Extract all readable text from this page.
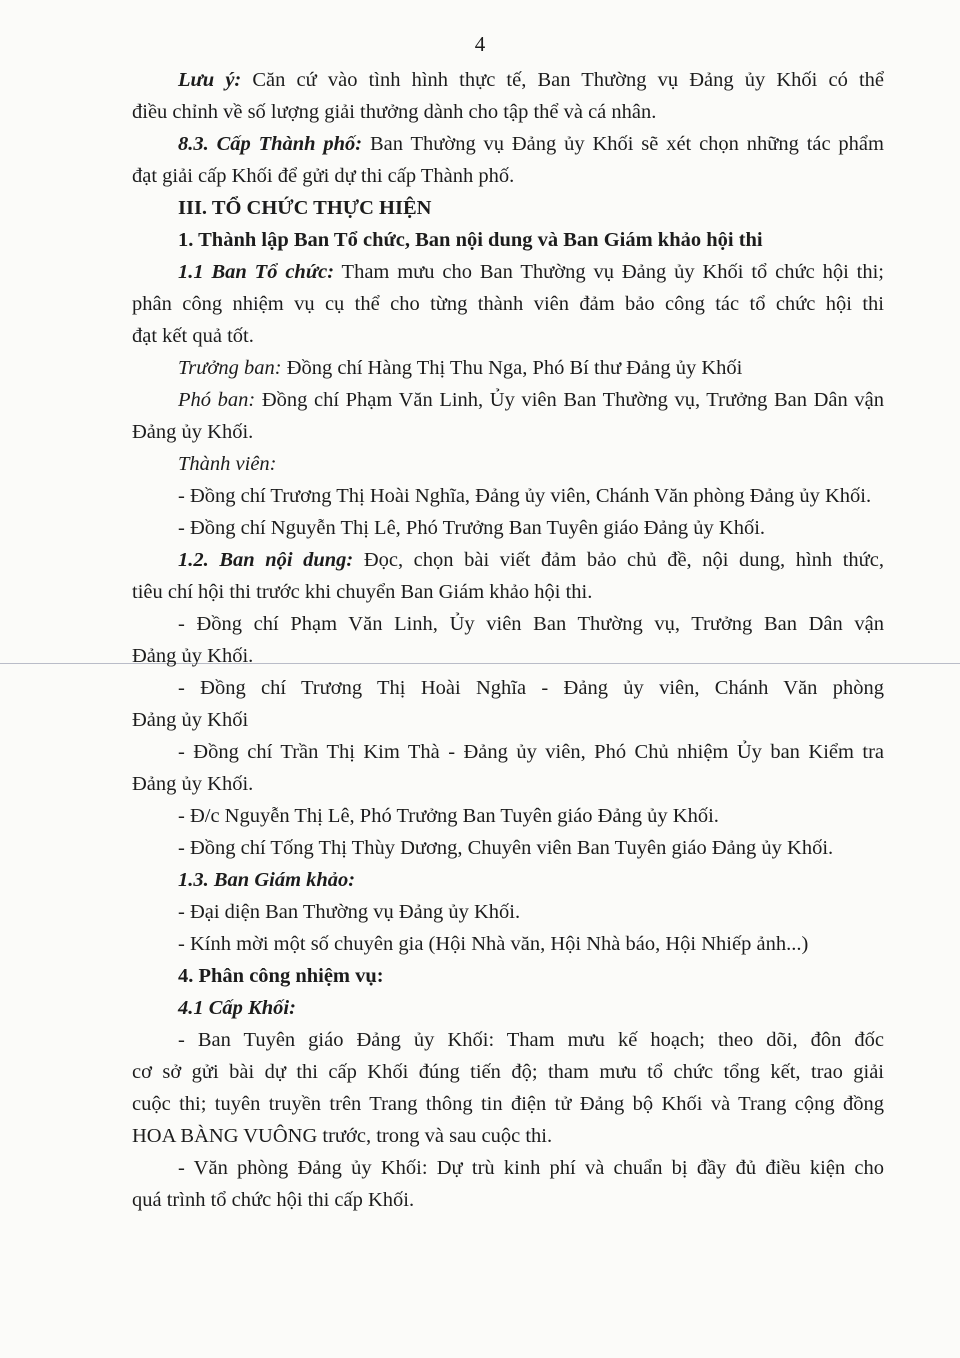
4
Lưu ý: Căn cứ vào tình hình thực tế, Ban Thường vụ Đảng ủy Khối có thể
điều chỉnh về số lượng giải thưởng dành cho tập thể và cá nhân.
8.3. Cấp Thành phố: Ban Thường vụ Đảng ủy Khối sẽ xét chọn những tác phẩm
đạt giải cấp Khối để gửi dự thi cấp Thành phố.
III. TỔ CHỨC THỰC HIỆN
1. Thành lập Ban Tổ chức, Ban nội dung và Ban Giám khảo hội thi
1.1 Ban Tổ chức: Tham mưu cho Ban Thường vụ Đảng ủy Khối tổ chức hội thi;
phân công nhiệm vụ cụ thể cho từng thành viên đảm bảo công tác tổ chức hội thi
đạt kết quả tốt.
Trưởng ban: Đồng chí Hàng Thị Thu Nga, Phó Bí thư Đảng ủy Khối
Phó ban: Đồng chí Phạm Văn Linh, Ủy viên Ban Thường vụ, Trưởng Ban Dân vận
Đảng ủy Khối.
Thành viên:
- Đồng chí Trương Thị Hoài Nghĩa, Đảng ủy viên, Chánh Văn phòng Đảng ủy Khối.
- Đồng chí Nguyễn Thị Lê, Phó Trưởng Ban Tuyên giáo Đảng ủy Khối.
1.2. Ban nội dung: Đọc, chọn bài viết đảm bảo chủ đề, nội dung, hình thức,
tiêu chí hội thi trước khi chuyển Ban Giám khảo hội thi.
- Đồng chí Phạm Văn Linh, Ủy viên Ban Thường vụ, Trưởng Ban Dân vận
Đảng ủy Khối.
- Đồng chí Trương Thị Hoài Nghĩa - Đảng ủy viên, Chánh Văn phòng
Đảng ủy Khối
- Đồng chí Trần Thị Kim Thà - Đảng ủy viên, Phó Chủ nhiệm Ủy ban Kiểm tra
Đảng ủy Khối.
- Đ/c Nguyễn Thị Lê, Phó Trưởng Ban Tuyên giáo Đảng ủy Khối.
- Đồng chí Tống Thị Thùy Dương, Chuyên viên Ban Tuyên giáo Đảng ủy Khối.
1.3. Ban Giám khảo:
- Đại diện Ban Thường vụ Đảng ủy Khối.
- Kính mời một số chuyên gia (Hội Nhà văn, Hội Nhà báo, Hội Nhiếp ảnh...)
4. Phân công nhiệm vụ:
4.1 Cấp Khối:
- Ban Tuyên giáo Đảng ủy Khối: Tham mưu kế hoạch; theo dõi, đôn đốc
cơ sở gửi bài dự thi cấp Khối đúng tiến độ; tham mưu tổ chức tổng kết, trao giải
cuộc thi; tuyên truyền trên Trang thông tin điện tử Đảng bộ Khối và Trang cộng đồng
HOA BÀNG VUÔNG trước, trong và sau cuộc thi.
- Văn phòng Đảng ủy Khối: Dự trù kinh phí và chuẩn bị đầy đủ điều kiện cho
quá trình tổ chức hội thi cấp Khối.
